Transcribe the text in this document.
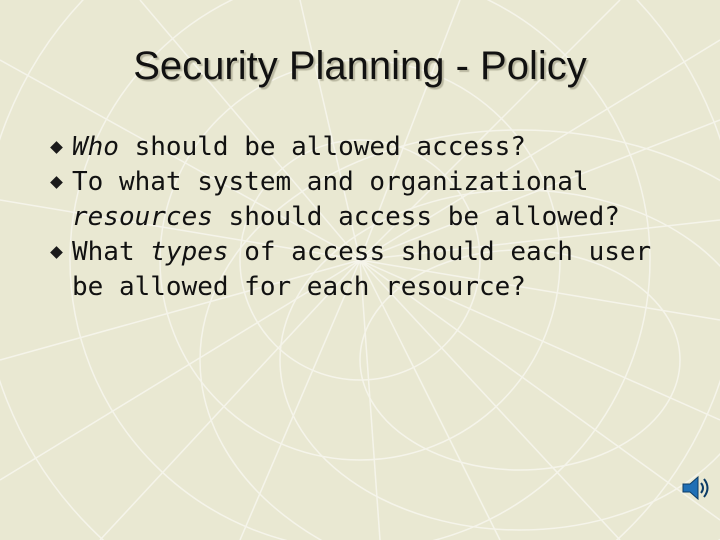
Security Planning - Policy
Who should be allowed access?
To what system and organizational
resources should access be allowed?
What types of access should each user be allowed for each resource?
